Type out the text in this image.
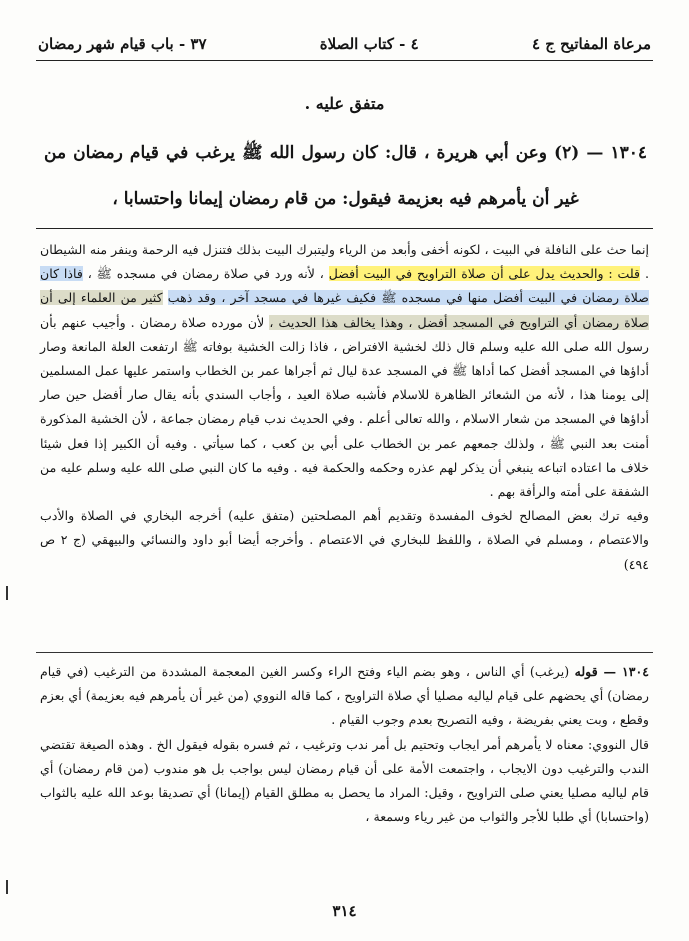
مرعاة المفاتيح ج ٤
٤ - كتاب الصلاة
٣٧ - باب قيام شهر رمضان
متفق عليه .
١٣٠٤ — (٢) وعن أبي هريرة ، قال: كان رسول الله ﷺ يرغب في قيام رمضان من غير أن يأمرهم فيه بعزيمة فيقول: من قام رمضان إيمانا واحتسابا ،

إنما حث على النافلة في البيت ، لكونه أخفى وأبعد من الرياء وليتبرك البيت بذلك فتنزل فيه الرحمة وينفر منه الشيطان . قلت : والحديث يدل على أن صلاة التراويح في البيت أفضل ، لأنه ورد في صلاة رمضان في مسجده ﷺ ، فاذا كان صلاة رمضان في البيت أفضل منها في مسجده ﷺ فكيف غيرها في مسجد آخر ، وقد ذهب كثير من العلماء إلى أن صلاة رمضان أي التراويح في المسجد أفضل ، وهذا يخالف هذا الحديث ، لأن مورده صلاة رمضان . وأجيب عنهم بأن رسول الله صلى الله عليه وسلم قال ذلك لخشية الافتراض ، فاذا زالت الخشية بوفاته ﷺ ارتفعت العلة المانعة وصار أداؤها في المسجد أفضل كما أداها ﷺ في المسجد عدة ليال ثم أجراها عمر بن الخطاب واستمر عليها عمل المسلمين إلى يومنا هذا ، لأنه من الشعائر الظاهرة للاسلام فأشبه صلاة العيد ، وأجاب السندي بأنه يقال صار أفضل حين صار أداؤها في المسجد من شعار الاسلام ، والله تعالى أعلم . وفي الحديث ندب قيام رمضان جماعة ، لأن الخشية المذكورة أمنت بعد النبي ﷺ ، ولذلك جمعهم عمر بن الخطاب على أبي بن كعب ، كما سيأتي . وفيه أن الكبير إذا فعل شيئا خلاف ما اعتاده اتباعه ينبغي أن يذكر لهم عذره وحكمه والحكمة فيه . وفيه ما كان النبي صلى الله عليه وسلم عليه من الشفقة على أمته والرأفة بهم .

وفيه ترك بعض المصالح لخوف المفسدة وتقديم أهم المصلحتين (متفق عليه) أخرجه البخاري في الصلاة والأدب والاعتصام ، ومسلم في الصلاة ، واللفظ للبخاري في الاعتصام . وأخرجه أيضا أبو داود والنسائي والبيهقي (ج ٢ ص ٤٩٤)

١٣٠٤ — قوله (يرغب) أي الناس ، وهو بضم الياء وفتح الراء وكسر الغين المعجمة المشددة من الترغيب (في قيام رمضان) أي يحضهم على قيام لياليه مصليا أي صلاة التراويح ، كما قاله النووي (من غير أن يأمرهم فيه بعزيمة) أي بعزم وقطع ، وبت يعني بفريضة ، وفيه التصريح بعدم وجوب القيام .

قال النووي: معناه لا يأمرهم أمر ايجاب وتحتيم بل أمر ندب وترغيب ، ثم فسره بقوله فيقول الخ . وهذه الصيغة تقتضي الندب والترغيب دون الايجاب ، واجتمعت الأمة على أن قيام رمضان ليس بواجب بل هو مندوب (من قام رمضان) أي قام لياليه مصليا يعني صلى التراويح ، وقيل: المراد ما يحصل به مطلق القيام (إيمانا) أي تصديقا بوعد الله عليه بالثواب (واحتسابا) أي طلبا للأجر والثواب من غير رياء وسمعة ،

٣١٤
